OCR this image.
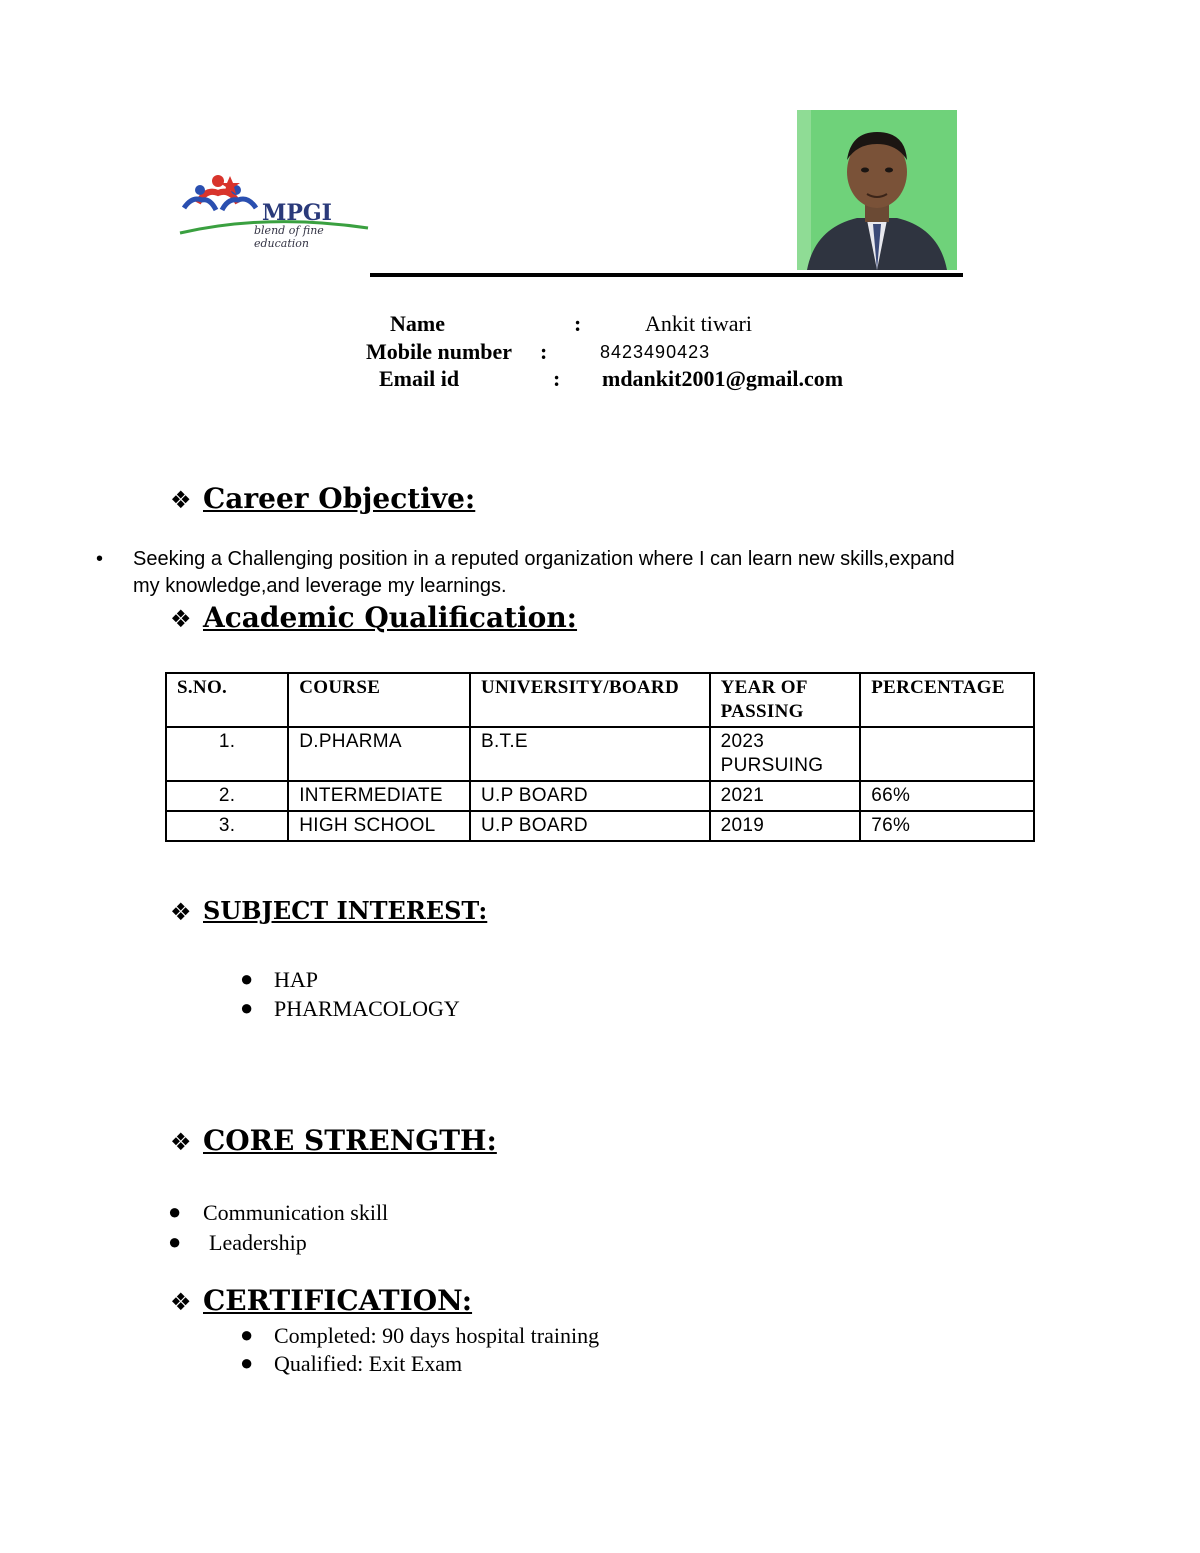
MPGI
blend of fine education
Name	:	Ankit tiwari
Mobile number :	8423490423
Email id	: mdankit2001@gmail.com
❖ Career Objective:
• Seeking a Challenging position in a reputed organization where I can learn new skills,expand
my knowledge,and leverage my learnings.
❖ Academic Qualification:
S.NO.	COURSE	UNIVERSITY/BOARD	YEAR OF PASSING	PERCENTAGE
1.	D.PHARMA	B.T.E	2023 PURSUING	
2.	INTERMEDIATE	U.P BOARD	2021	66%
3.	HIGH SCHOOL	U.P BOARD	2019	76%
❖ SUBJECT INTEREST:
● HAP
● PHARMACOLOGY
❖ CORE STRENGTH:
● Communication skill
● Leadership
❖ CERTIFICATION:
● Completed: 90 days hospital training
● Qualified: Exit Exam
